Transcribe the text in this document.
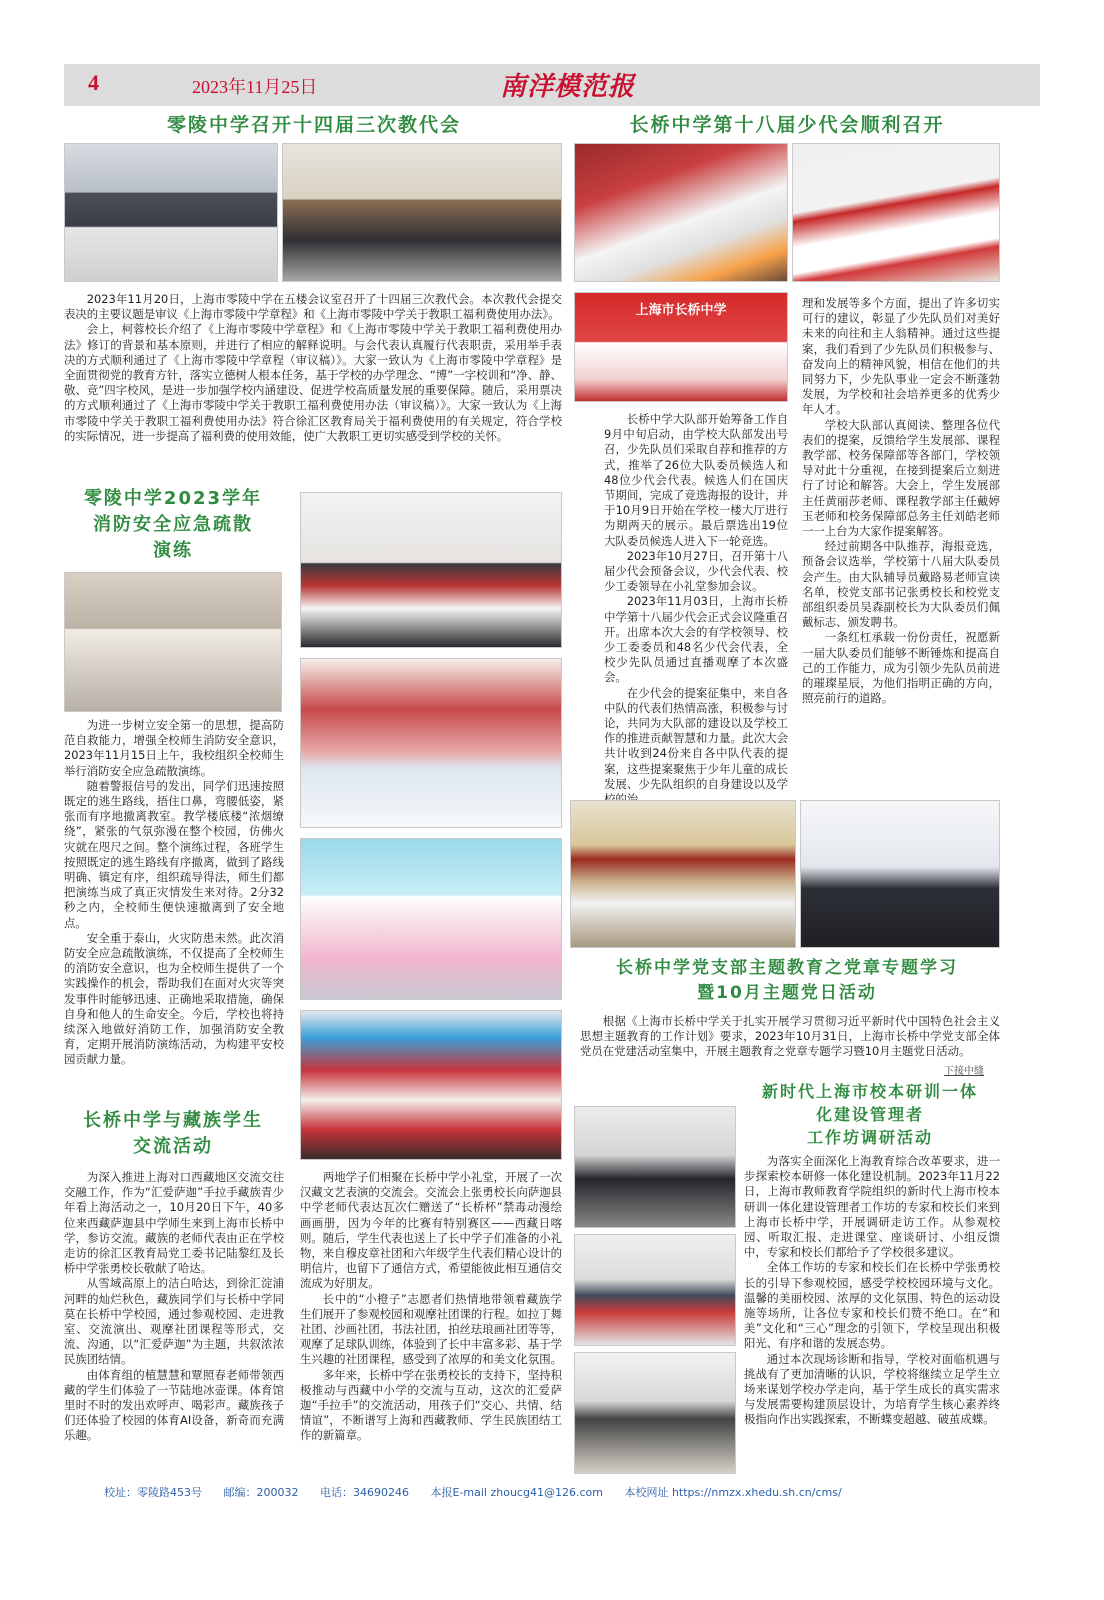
4	2023年11月25日	南洋模范报
零陵中学召开十四届三次教代会

2023年11月20日，上海市零陵中学在五楼会议室召开了十四届三次教代会。本次教代会提交表决的主要议题是审议《上海市零陵中学章程》和《上海市零陵中学关于教职工福利费使用办法》。

会上，柯蓉校长介绍了《上海市零陵中学章程》和《上海市零陵中学关于教职工福利费使用办法》修订的背景和基本原则，并进行了相应的解释说明。与会代表认真履行代表职责，采用举手表决的方式顺利通过了《上海市零陵中学章程（审议稿）》。大家一致认为《上海市零陵中学章程》是全面贯彻党的教育方针，落实立德树人根本任务，基于学校的办学理念、“博”一字校训和“净、静、敬、竞”四字校风，是进一步加强学校内涵建设、促进学校高质量发展的重要保障。随后，采用票决的方式顺利通过了《上海市零陵中学关于教职工福利费使用办法（审议稿）》。大家一致认为《上海市零陵中学关于教职工福利费使用办法》符合徐汇区教育局关于福利费使用的有关规定，符合学校的实际情况，进一步提高了福利费的使用效能，使广大教职工更切实感受到学校的关怀。

零陵中学2023学年
消防安全应急疏散
演练

为进一步树立安全第一的思想，提高防范自救能力，增强全校师生消防安全意识，2023年11月15日上午，我校组织全校师生举行消防安全应急疏散演练。

随着警报信号的发出，同学们迅速按照既定的逃生路线，捂住口鼻，弯腰低姿，紧张而有序地撤离教室。教学楼底楼“浓烟缭绕”，紧张的气氛弥漫在整个校园，仿佛火灾就在咫尺之间。整个演练过程，各班学生按照既定的逃生路线有序撤离，做到了路线明确、镇定有序，组织疏导得法，师生们都把演练当成了真正灾情发生来对待。2分32秒之内，全校师生便快速撤离到了安全地点。

安全重于泰山，火灾防患未然。此次消防安全应急疏散演练，不仅提高了全校师生的消防安全意识，也为全校师生提供了一个实践操作的机会，帮助我们在面对火灾等突发事件时能够迅速、正确地采取措施，确保自身和他人的生命安全。今后，学校也将持续深入地做好消防工作，加强消防安全教育，定期开展消防演练活动，为构建平安校园贡献力量。

长桥中学与藏族学生
交流活动

为深入推进上海对口西藏地区交流交往交融工作，作为“汇爱萨迦”手拉手藏族青少年看上海活动之一，10月20日下午，40多位来西藏萨迦县中学师生来到上海市长桥中学，参访交流。藏族的老师代表由正在学校走访的徐汇区教育局党工委书记陆黎红及长桥中学张勇校长敬献了哈达。

从雪域高原上的洁白哈达，到徐汇淀浦河畔的灿烂秋色，藏族同学们与长桥中学同莫在长桥中学校园，通过参观校园、走进教室、交流演出、观摩社团课程等形式，交流、沟通，以“汇爱萨迦”为主题，共叙浓浓民族团结情。

由体育组的植慧慧和覃照春老师带领西藏的学生们体验了一节陆地冰壶课。体育馆里时不时的发出欢呼声、喝彩声。藏族孩子们还体验了校园的体育AI设备，新奇而充满乐趣。

两地学子们相聚在长桥中学小礼堂，开展了一次汉藏文艺表演的交流会。交流会上张勇校长向萨迦县中学老师代表达瓦次仁赠送了“长桥杯”禁毒动漫绘画画册，因为今年的比赛有特别赛区——西藏日喀则。随后，学生代表也送上了长中学子们准备的小礼物，来自穆皮章社团和六年级学生代表们精心设计的明信片，也留下了通信方式，希望能彼此相互通信交流成为好朋友。

长中的“小橙子”志愿者们热情地带领着藏族学生们展开了参观校园和观摩社团课的行程。如拉丁舞社团、沙画社团，书法社团，拍丝珐琅画社团等等，观摩了足球队训练，体验到了长中丰富多彩、基于学生兴趣的社团课程，感受到了浓厚的和美文化氛围。

多年来，长桥中学在张勇校长的支持下，坚持积极推动与西藏中小学的交流与互动，这次的汇爱萨迦“手拉手”的交流活动，用孩子们“交心、共情、结情谊”，不断谱写上海和西藏教师、学生民族团结工作的新篇章。

长桥中学第十八届少代会顺利召开
上海市长桥中学

长桥中学大队部开始筹备工作自9月中旬启动，由学校大队部发出号召，少先队员们采取自荐和推荐的方式，推举了26位大队委员候选人和48位少代会代表。候选人们在国庆节期间，完成了竞选海报的设计，并于10月9日开始在学校一楼大厅进行为期两天的展示。最后票选出19位大队委员候选人进入下一轮竞选。

2023年10月27日，召开第十八届少代会预备会议，少代会代表、校少工委领导在小礼堂参加会议。

2023年11月03日，上海市长桥中学第十八届少代会正式会议隆重召开。出席本次大会的有学校领导、校少工委委员和48名少代会代表，全校少先队员通过直播观摩了本次盛会。

在少代会的提案征集中，来自各中队的代表们热情高涨，积极参与讨论，共同为大队部的建设以及学校工作的推进贡献智慧和力量。此次大会共计收到24份来自各中队代表的提案，这些提案聚焦于少年儿童的成长发展、少先队组织的自身建设以及学

理和发展等多个方面，提出了许多切实可行的建议，彰显了少先队员们对美好未来的向往和主人翁精神。通过这些提案，我们看到了少先队员们积极参与、奋发向上的精神风貌，相信在他们的共同努力下，少先队事业一定会不断蓬勃发展，为学校和社会培养更多的优秀少年人才。

学校大队部认真阅读、整理各位代表们的提案，反馈给学生发展部、课程教学部、校务保障部等各部门，学校领导对此十分重视，在接到提案后立刻进行了讨论和解答。大会上，学生发展部主任黄丽莎老师、课程教学部主任戴婷玉老师和校务保障部总务主任刘皓老师一一上台为大家作提案解答。

经过前期各中队推荐，海报竞选，预备会议选举，学校第十八届大队委员会产生。由大队辅导员戴路易老师宣读名单，校党支部书记张勇校长和校党支部组织委员吴森副校长为大队委员们佩戴标志、颁发聘书。

一条红杠承载一份份责任，祝愿新一届大队委员们能够不断锤炼和提高自己的工作能力，成为引领少先队员前进的璀璨星辰，为他们指明正确的方向，照亮前行的道路。

长桥中学党支部主题教育之党章专题学习
暨10月主题党日活动

根据《上海市长桥中学关于扎实开展学习贯彻习近平新时代中国特色社会主义思想主题教育的工作计划》要求，2023年10月31日，上海市长桥中学党支部全体党员在党建活动室集中，开展主题教育之党章专题学习暨10月主题党日活动。

下接中缝
新时代上海市校本研训一体
化建设管理者
工作坊调研活动

为落实全面深化上海教育综合改革要求，进一步探索校本研修一体化建设机制。2023年11月22日，上海市教师教育学院组织的新时代上海市校本研训一体化建设管理者工作坊的专家和校长们来到上海市长桥中学，开展调研走访工作。从参观校园、听取汇报、走进课堂、座谈研讨、小组反馈中，专家和校长们都给予了学校很多建议。

全体工作坊的专家和校长们在长桥中学张勇校长的引导下参观校园，感受学校校园环境与文化。温馨的美丽校园、浓厚的文化氛围、特色的运动设施等场所，让各位专家和校长们赞不绝口。在“和美”文化和“三心”理念的引领下，学校呈现出积极阳光、有序和谐的发展态势。

通过本次现场诊断和指导，学校对面临机遇与挑战有了更加清晰的认识，学校将继续立足学生立场来谋划学校办学走向，基于学生成长的真实需求与发展需要构建顶层设计，为培育学生核心素养终极指向作出实践探索，不断蝶变超越、破茧成蝶。

校址：零陵路453号 邮编：200032 电话：34690246 本报E-mail zhoucg41@126.com 本校网址 https://nmzx.xhedu.sh.cn/cms/
